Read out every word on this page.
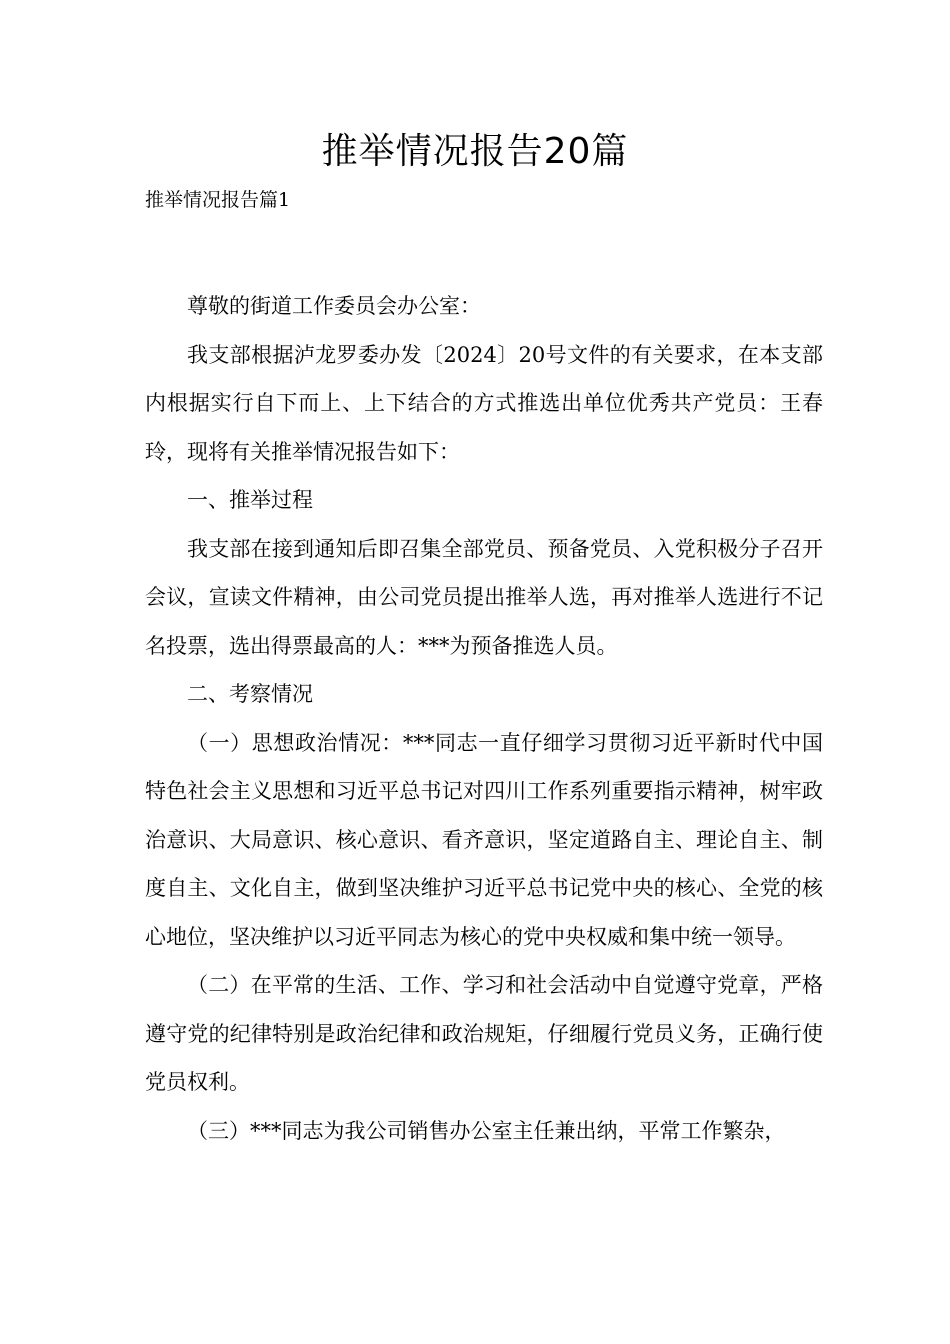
推举情况报告20篇
推举情况报告篇1

尊敬的街道工作委员会办公室：

我支部根据泸龙罗委办发〔2024〕20号文件的有关要求，在本支部内根据实行自下而上、上下结合的方式推选出单位优秀共产党员：王春玲，现将有关推举情况报告如下：

一、推举过程

我支部在接到通知后即召集全部党员、预备党员、入党积极分子召开会议，宣读文件精神，由公司党员提出推举人选，再对推举人选进行不记名投票，选出得票最高的人：***为预备推选人员。

二、考察情况

（一）思想政治情况：***同志一直仔细学习贯彻习近平新时代中国特色社会主义思想和习近平总书记对四川工作系列重要指示精神，树牢政治意识、大局意识、核心意识、看齐意识，坚定道路自主、理论自主、制度自主、文化自主，做到坚决维护习近平总书记党中央的核心、全党的核心地位，坚决维护以习近平同志为核心的党中央权威和集中统一领导。

（二）在平常的生活、工作、学习和社会活动中自觉遵守党章，严格遵守党的纪律特别是政治纪律和政治规矩，仔细履行党员义务，正确行使党员权利。

（三）***同志为我公司销售办公室主任兼出纳，平常工作繁杂，
